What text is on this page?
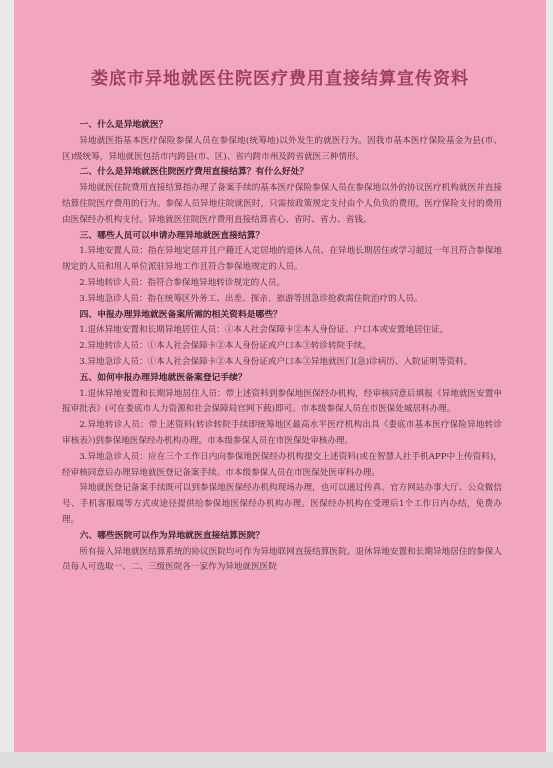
娄底市异地就医住院医疗费用直接结算宣传资料
一、什么是异地就医？

异地就医指基本医疗保险参保人员在参保地(统筹地)以外发生的就医行为。因我市基本医疗保险基金为县(市、区)级统筹，异地就医包括市内跨县(市、区)、省内跨市州及跨省就医三种情形。

二、什么是异地就医住院医疗费用直接结算？有什么好处？

异地就医住院费用直接结算指办理了备案手续的基本医疗保险参保人员在参保地以外的协议医疗机构就医并直接结算住院医疗费用的行为。参保人员异地住院就医时，只需按政策规定支付由个人负负的费用，医疗保险支付的费用由医保经办机构支付。异地就医住院医疗费用直接结算省心、省时、省力、省钱。

三、哪些人员可以申请办理异地就医直接结算？

1.异地安置人员：指在异地定居并且户籍迁入定居地的退休人员、在异地长期居住或学习超过一年且符合参保地规定的人员和用人单位派驻异地工作且符合参保地规定的人员。

2.异地转诊人员：指符合参保地异地转诊规定的人员。

3.异地急诊人员：指在统筹区外务工、出差、探亲、旅游等因急诊抢救需住院治疗的人员。

四、申报办理异地就医备案所需的相关资料是哪些？

1.退休异地安置和长期异地居住人员：①本人社会保障卡②本人身份证、户口本或安置地居住证。

2.异地转诊人员：①本人社会保障卡②本人身份证或户口本③转诊转院手续。

3.异地急诊人员：①本人社会保障卡②本人身份证或户口本③异地就医门(急)诊病历、入院证明等资料。

五、如何申报办理异地就医备案登记手续？

1.退休异地安置和长期异地居住人员：带上述资料到参保地医保经办机构，经审核同意后填报《异地就医安置申报审批表》(可在娄底市人力资源和社会保障局官网下载)即可。市本级参保人员在市医保处城居科办理。

2.异地转诊人员：带上述资料(转诊转院手续即统筹地区最高水平医疗机构出具《娄底市基本医疗保险异地转诊审核表》)到参保地医保经办机构办理。市本级参保人员在市医保处审核办理。

3.异地急诊人员：应在三个工作日内向参保地医保经办机构提交上述资料(或在智慧人社手机APP中上传资料)，经审核同意后办理异地就医登记备案手续。市本级参保人员在市医保处医审科办理。

异地就医登记备案手续既可以到参保地医保经办机构现场办理，也可以通过传真、官方网站办事大厅、公众微信号、手机客服端等方式或途径提供给参保地医保经办机构办理。医保经办机构在受理后1个工作日内办结，免费办理。

六、哪些医院可以作为异地就医直接结算医院？

所有接入异地就医结算系统的协议医院均可作为异地联网直接结算医院。退休异地安置和长期异地居住的参保人员每人可选取一、二、三级医院各一家作为异地就医医院
